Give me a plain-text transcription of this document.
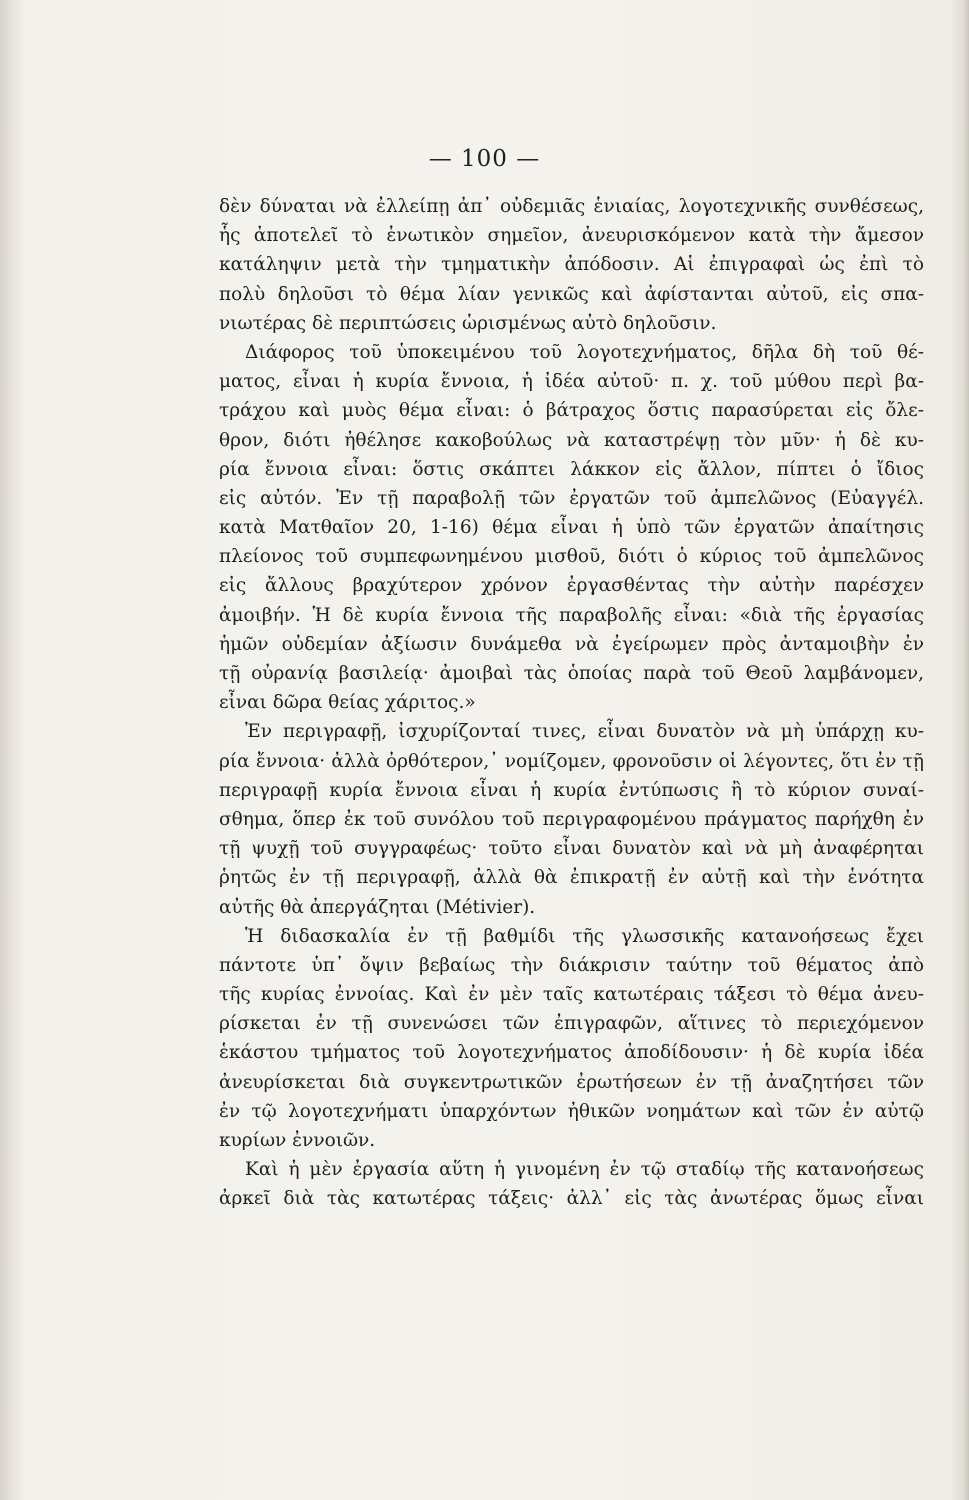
— 100 —
δὲν δύναται νὰ ἐλλείπῃ ἀπ᾽ οὐδεμιᾶς ἑνιαίας, λογοτεχνικῆς συνθέσεως,
ἧς ἀποτελεῖ τὸ ἑνωτικὸν σημεῖον, ἀνευρισκόμενον κατὰ τὴν ἄμεσον
κατάληψιν μετὰ τὴν τμηματικὴν ἀπόδοσιν. Αἱ ἐπιγραφαὶ ὡς ἐπὶ τὸ
πολὺ δηλοῦσι τὸ θέμα λίαν γενικῶς καὶ ἀφίστανται αὐτοῦ, εἰς σπα-
νιωτέρας δὲ περιπτώσεις ὡρισμένως αὐτὸ δηλοῦσιν.
Διάφορος τοῦ ὑποκειμένου τοῦ λογοτεχνήματος, δῆλα δὴ τοῦ θέ-
ματος, εἶναι ἡ κυρία ἔννοια, ἡ ἰδέα αὐτοῦ· π. χ. τοῦ μύθου περὶ βα-
τράχου καὶ μυὸς θέμα εἶναι: ὁ βάτραχος ὅστις παρασύρεται εἰς ὄλε-
θρον, διότι ἠθέλησε κακοβούλως νὰ καταστρέψῃ τὸν μῦν· ἡ δὲ κυ-
ρία ἔννοια εἶναι: ὅστις σκάπτει λάκκον εἰς ἄλλον, πίπτει ὁ ἴδιος
εἰς αὐτόν. Ἐν τῇ παραβολῇ τῶν ἐργατῶν τοῦ ἀμπελῶνος (Εὐαγγέλ.
κατὰ Ματθαῖον 20, 1-16) θέμα εἶναι ἡ ὑπὸ τῶν ἐργατῶν ἀπαίτησις
πλείονος τοῦ συμπεφωνημένου μισθοῦ, διότι ὁ κύριος τοῦ ἀμπελῶνος
εἰς ἄλλους βραχύτερον χρόνον ἐργασθέντας τὴν αὐτὴν παρέσχεν
ἀμοιβήν. Ἡ δὲ κυρία ἔννοια τῆς παραβολῆς εἶναι: «διὰ τῆς ἐργασίας
ἡμῶν οὐδεμίαν ἀξίωσιν δυνάμεθα νὰ ἐγείρωμεν πρὸς ἀνταμοιβὴν ἐν
τῇ οὐρανίᾳ βασιλείᾳ· ἀμοιβαὶ τὰς ὁποίας παρὰ τοῦ Θεοῦ λαμβάνομεν,
εἶναι δῶρα θείας χάριτος.»
Ἐν περιγραφῇ, ἰσχυρίζονταί τινες, εἶναι δυνατὸν νὰ μὴ ὑπάρχῃ κυ-
ρία ἔννοια· ἀλλὰ ὀρθότερον,᾽ νομίζομεν, φρονοῦσιν οἱ λέγοντες, ὅτι ἐν τῇ
περιγραφῇ κυρία ἔννοια εἶναι ἡ κυρία ἐντύπωσις ἢ τὸ κύριον συναί-
σθημα, ὅπερ ἐκ τοῦ συνόλου τοῦ περιγραφομένου πράγματος παρήχθη ἐν
τῇ ψυχῇ τοῦ συγγραφέως· τοῦτο εἶναι δυνατὸν καὶ νὰ μὴ ἀναφέρηται
ῥητῶς ἐν τῇ περιγραφῇ, ἀλλὰ θὰ ἐπικρατῇ ἐν αὐτῇ καὶ τὴν ἑνότητα
αὐτῆς θὰ ἀπεργάζηται (Métivier).
Ἡ διδασκαλία ἐν τῇ βαθμίδι τῆς γλωσσικῆς κατανοήσεως ἔχει
πάντοτε ὑπ᾽ ὄψιν βεβαίως τὴν διάκρισιν ταύτην τοῦ θέματος ἀπὸ
τῆς κυρίας ἐννοίας. Καὶ ἐν μὲν ταῖς κατωτέραις τάξεσι τὸ θέμα ἀνευ-
ρίσκεται ἐν τῇ συνενώσει τῶν ἐπιγραφῶν, αἵτινες τὸ περιεχόμενον
ἑκάστου τμήματος τοῦ λογοτεχνήματος ἀποδίδουσιν· ἡ δὲ κυρία ἰδέα
ἀνευρίσκεται διὰ συγκεντρωτικῶν ἐρωτήσεων ἐν τῇ ἀναζητήσει τῶν
ἐν τῷ λογοτεχνήματι ὑπαρχόντων ἠθικῶν νοημάτων καὶ τῶν ἐν αὐτῷ
κυρίων ἐννοιῶν.
Καὶ ἡ μὲν ἐργασία αὕτη ἡ γινομένη ἐν τῷ σταδίῳ τῆς κατανοήσεως
ἀρκεῖ διὰ τὰς κατωτέρας τάξεις· ἀλλ᾽ εἰς τὰς ἀνωτέρας ὅμως εἶναι
